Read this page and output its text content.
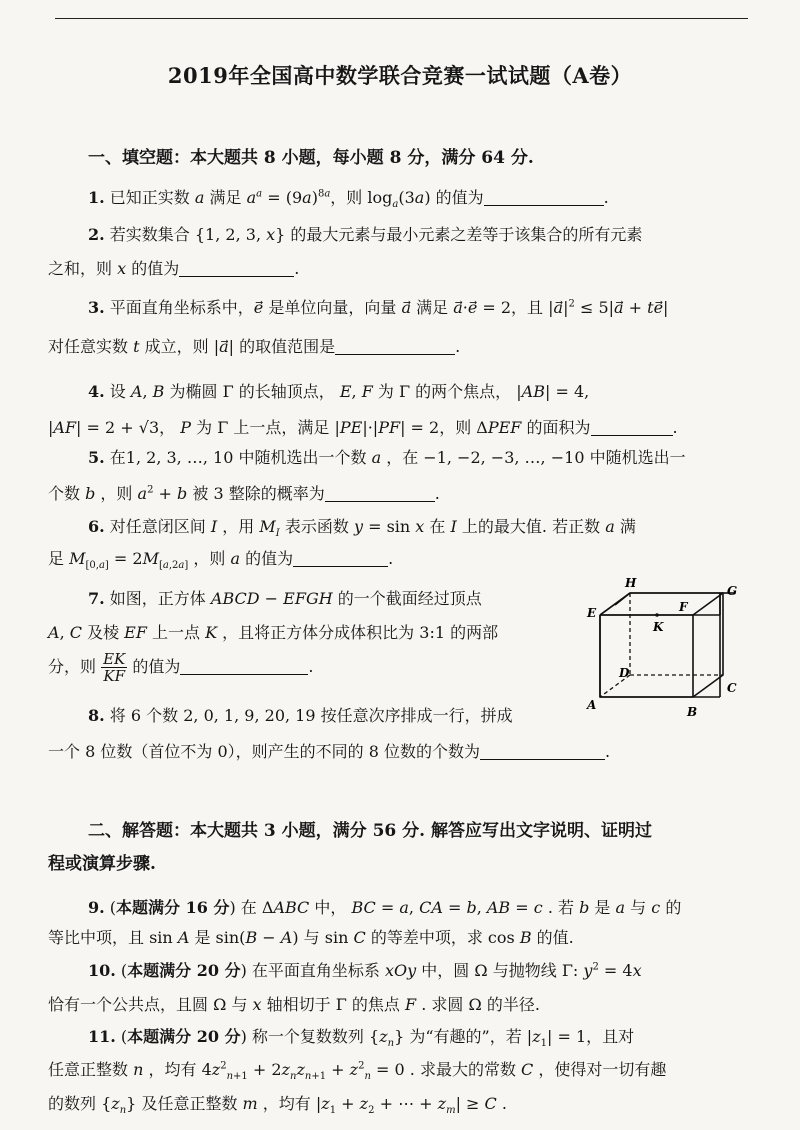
2019年全国高中数学联合竞赛一试试题（A卷）
一、填空题：本大题共 8 小题，每小题 8 分，满分 64 分.
1. 已知正实数 a 满足 $a^a = (9a)^{8a}$，则 $\log_a(3a)$ 的值为	.
2. 若实数集合 {1, 2, 3, x} 的最大元素与最小元素之差等于该集合的所有元素
之和，则 x 的值为	.
3. 平面直角坐标系中，e⃗ 是单位向量，向量 a⃗ 满足 a⃗·e⃗ = 2，且 $|a⃗|^2$ ≤ 5|a⃗ + te⃗|
对任意实数 t 成立，则 |a⃗| 的取值范围是	.
4. 设 A, B 为椭圆 Γ 的长轴顶点， E, F 为 Γ 的两个焦点， |AB| = 4,
|AF| = 2 + √3， P 为 Γ 上一点，满足 |PE|·|PF| = 2，则 ΔPEF 的面积为	.
5. 在1, 2, 3, …, 10 中随机选出一个数 a ，在 −1, −2, −3, …, −10 中随机选出一
个数 b ，则 $a^2 + b$ 被 3 整除的概率为	.
6. 对任意闭区间 I ，用 $M_I$ 表示函数 y = sin x 在 I 上的最大值. 若正数 a 满
足 $M_{[0,a]} = 2M_{[a,2a]}$ ，则 a 的值为	.
7. 如图，正方体 ABCD − EFGH 的一个截面经过顶点
A, C 及棱 EF 上一点 K ，且将正方体分成体积比为 3:1 的两部
分，则 $\frac{EK}{KF}$ 的值为	.
H
G
E	F
K
D
C
A	B
8. 将 6 个数 2, 0, 1, 9, 20, 19 按任意次序排成一行，拼成
一个 8 位数（首位不为 0），则产生的不同的 8 位数的个数为	.
二、解答题：本大题共 3 小题，满分 56 分. 解答应写出文字说明、证明过
程或演算步骤.
9. (本题满分 16 分) 在 ΔABC 中， BC = a, CA = b, AB = c . 若 b 是 a 与 c 的
等比中项，且 sin A 是 sin(B − A) 与 sin C 的等差中项，求 cos B 的值.
10. (本题满分 20 分) 在平面直角坐标系 xOy 中，圆 Ω 与抛物线 Γ: $y^2 = 4x$
恰有一个公共点，且圆 Ω 与 x 轴相切于 Γ 的焦点 F . 求圆 Ω 的半径.
11. (本题满分 20 分) 称一个复数数列 $\{z_n\}$ 为“有趣的”，若 $|z_1| = 1$，且对
任意正整数 n ，均有 $4z^2_{n+1} + 2z_nz_{n+1} + z^2_n = 0$ . 求最大的常数 C ，使得对一切有趣
的数列 $\{z_n\}$ 及任意正整数 m ，均有 $|z_1 + z_2$ + ⋯ + $z_m| \ge C$ .
